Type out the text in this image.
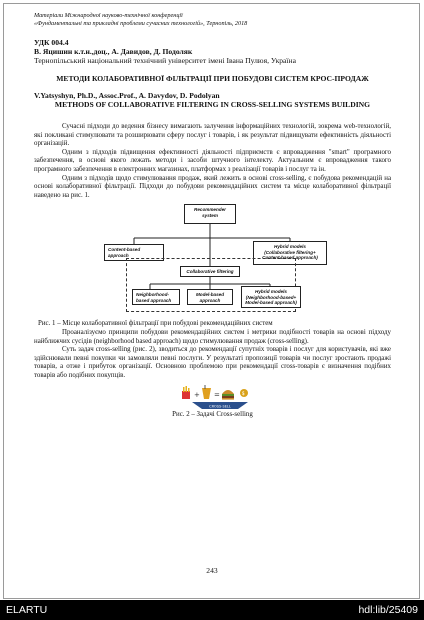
Матеріали Міжнародної науково-технічної конференції
«Фундаментальні та прикладні проблеми сучасних технологій», Тернопіль, 2018
УДК 004.4
В. Яцишин к.т.н.,доц., А. Давидов, Д. Подоляк
Тернопільський національний технічний університет імені Івана Пулюя, Україна
МЕТОДИ КОЛАБОРАТИВНОЇ ФІЛЬТРАЦІЇ ПРИ ПОБУДОВІ СИСТЕМ КРОС-ПРОДАЖ
V.Yatsyshyn, Ph.D., Assoc.Prof., A. Davydov, D. Podolyan
METHODS OF COLLABORATIVE FILTERING IN CROSS-SELLING SYSTEMS BUILDING

Сучасні підходи до ведення бізнесу вимагають залучення інформаційних технологій, зокрема web-технологій, які покликані стимулювати та розширювати сферу послуг і товарів, і як результат підвищувати ефективність діяльності організацій.

Одним з підходів підвищення ефективності діяльності підприємств є впровадження "smart" програмного забезпечення, в основі якого лежать методи і засоби штучного інтелекту. Актуальним є впровадження такого програмного забезпечення в електронних магазинах, платформах з реалізації товарів і послуг та ін.

Одним з підходів щодо стимулювання продаж, який лежить в основі cross-selling, є побудова рекомендацій на основі колаборативної фільтрації. Підходи до побудови рекомендаційних систем та місце колаборативної фільтрації наведено на рис. 1.

Recommender
system
Content-based
approach
Hybrid models
(Collaborative filtering+
Content-based approach)
Collaborative filtering
Neighborhood-
based approach
Model-based
approach
Hybrid models
(Neighborhood-based+
Model-based approach)
Рис. 1 – Місце колаборативної фільтрації при побудові рекомендаційних систем

Проаналізуємо принципи побудови рекомендаційних систем і метрики подібності товарів на основі підходу найближчих сусідів (neighborhood based approach) щодо стимулювання продаж (cross-selling).

Суть задач cross-selling (рис. 2), зводиться до рекомендації супутніх товарів і послуг для користувачів, які вже здійснювали певні покупки чи замовляли певні послуги. У результаті пропозиції товарів чи послуг зростають продажі товарів, а отже і прибуток організації. Основною проблемою при рекомендації cross-товарів є визначення подібних товарів або подібних покупців.

+ =	$
CROSS-SELL
Рис. 2 – Задачі Cross-selling
243
ELARTU	hdl:lib/25409
